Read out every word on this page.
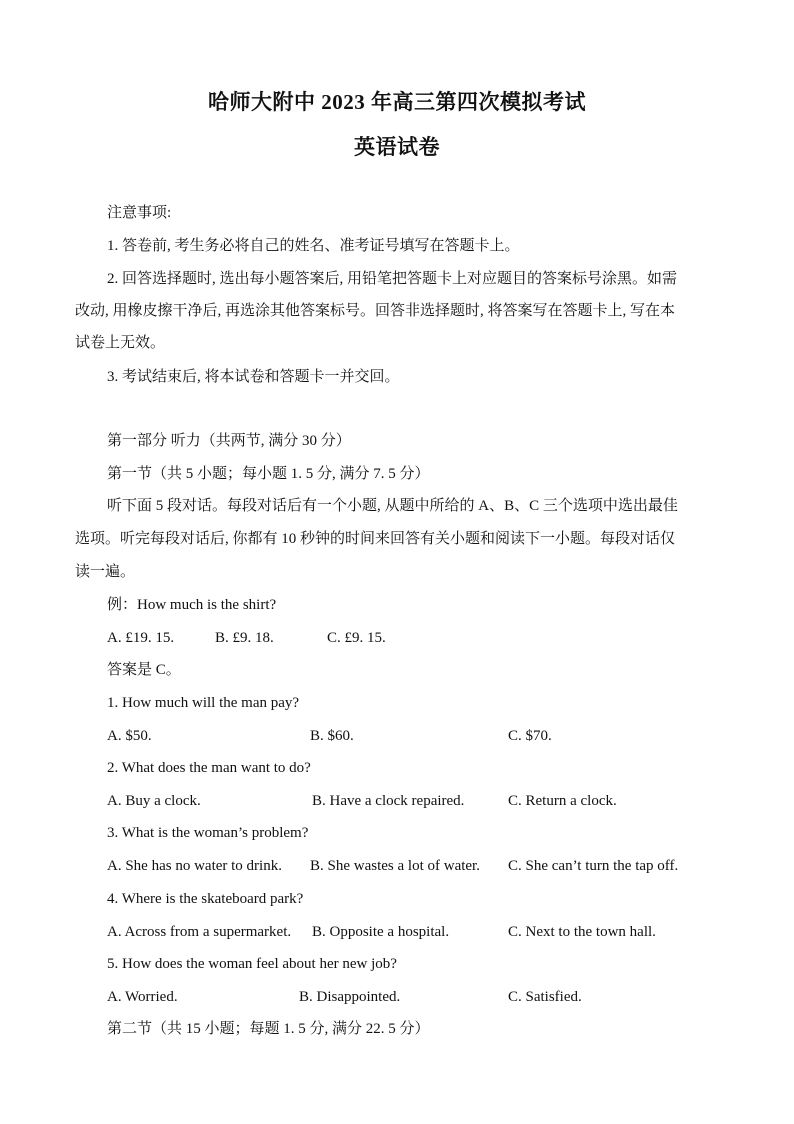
哈师大附中 2023 年高三第四次模拟考试
英语试卷
注意事项:
1. 答卷前, 考生务必将自己的姓名、准考证号填写在答题卡上。
2. 回答选择题时, 选出每小题答案后, 用铅笔把答题卡上对应题目的答案标号涂黑。如需
改动, 用橡皮擦干净后, 再选涂其他答案标号。回答非选择题时, 将答案写在答题卡上, 写在本
试卷上无效。
3. 考试结束后, 将本试卷和答题卡一并交回。
第一部分 听力（共两节, 满分 30 分）
第一节（共 5 小题；每小题 1. 5 分, 满分 7. 5 分）
听下面 5 段对话。每段对话后有一个小题, 从题中所给的 A、B、C 三个选项中选出最佳
选项。听完每段对话后, 你都有 10 秒钟的时间来回答有关小题和阅读下一小题。每段对话仅
读一遍。
例：How much is the shirt?
A. £19. 15.	B. £9. 18.	C. £9. 15.
答案是 C。
1. How much will the man pay?
A. $50.	B. $60.	C. $70.
2. What does the man want to do?
A. Buy a clock.	B. Have a clock repaired.	C. Return a clock.
3. What is the woman’s problem?
A. She has no water to drink. B. She wastes a lot of water. C. She can’t turn the tap off.
4. Where is the skateboard park?
A. Across from a supermarket. B. Opposite a hospital.	C. Next to the town hall.
5. How does the woman feel about her new job?
A. Worried.	B. Disappointed.	C. Satisfied.
第二节（共 15 小题；每题 1. 5 分, 满分 22. 5 分）
